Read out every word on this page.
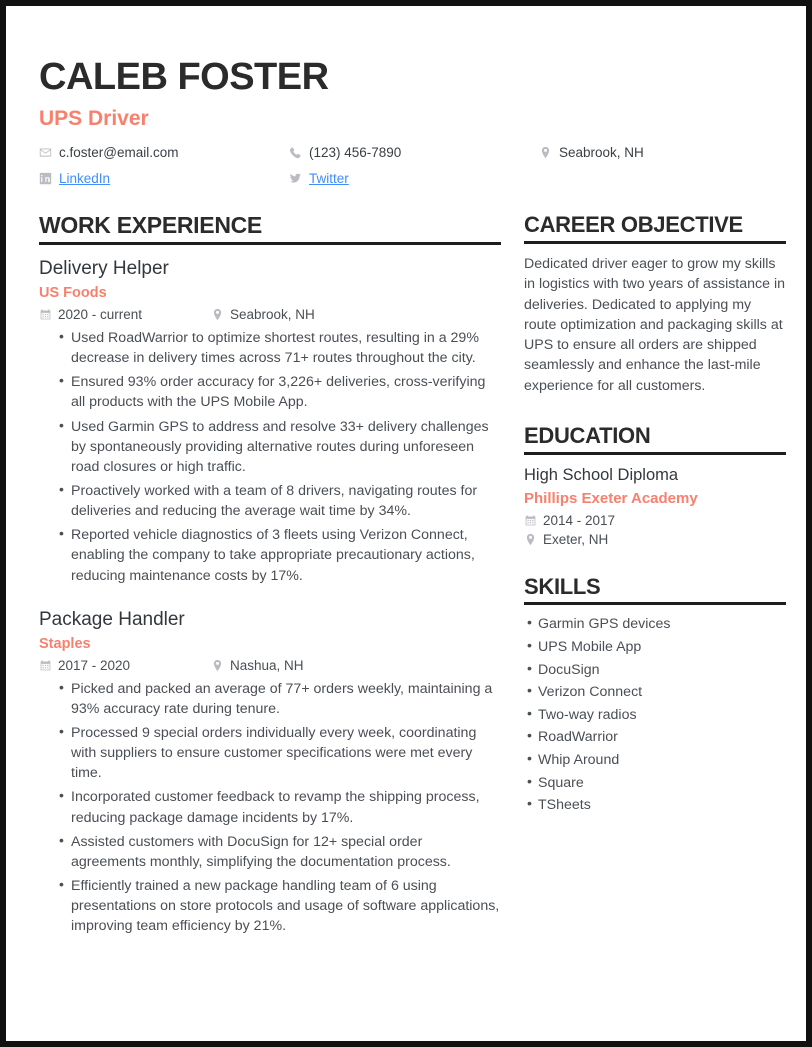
CALEB FOSTER
UPS Driver
c.foster@email.com	(123) 456-7890	Seabrook, NH
LinkedIn	Twitter
WORK EXPERIENCE
Delivery Helper
US Foods
2020 - current	Seabrook, NH
• Used RoadWarrior to optimize shortest routes, resulting in a 29% decrease in delivery times across 71+ routes throughout the city.
• Ensured 93% order accuracy for 3,226+ deliveries, cross-verifying all products with the UPS Mobile App.
• Used Garmin GPS to address and resolve 33+ delivery challenges by spontaneously providing alternative routes during unforeseen road closures or high traffic.
• Proactively worked with a team of 8 drivers, navigating routes for deliveries and reducing the average wait time by 34%.
• Reported vehicle diagnostics of 3 fleets using Verizon Connect, enabling the company to take appropriate precautionary actions, reducing maintenance costs by 17%.
Package Handler
Staples
2017 - 2020	Nashua, NH
• Picked and packed an average of 77+ orders weekly, maintaining a 93% accuracy rate during tenure.
• Processed 9 special orders individually every week, coordinating with suppliers to ensure customer specifications were met every time.
• Incorporated customer feedback to revamp the shipping process, reducing package damage incidents by 17%.
• Assisted customers with DocuSign for 12+ special order agreements monthly, simplifying the documentation process.
• Efficiently trained a new package handling team of 6 using presentations on store protocols and usage of software applications, improving team efficiency by 21%.
CAREER OBJECTIVE
Dedicated driver eager to grow my skills in logistics with two years of assistance in deliveries. Dedicated to applying my route optimization and packaging skills at UPS to ensure all orders are shipped seamlessly and enhance the last-mile experience for all customers.
EDUCATION
High School Diploma
Phillips Exeter Academy
2014 - 2017
Exeter, NH
SKILLS
• Garmin GPS devices
• UPS Mobile App
• DocuSign
• Verizon Connect
• Two-way radios
• RoadWarrior
• Whip Around
• Square
• TSheets
